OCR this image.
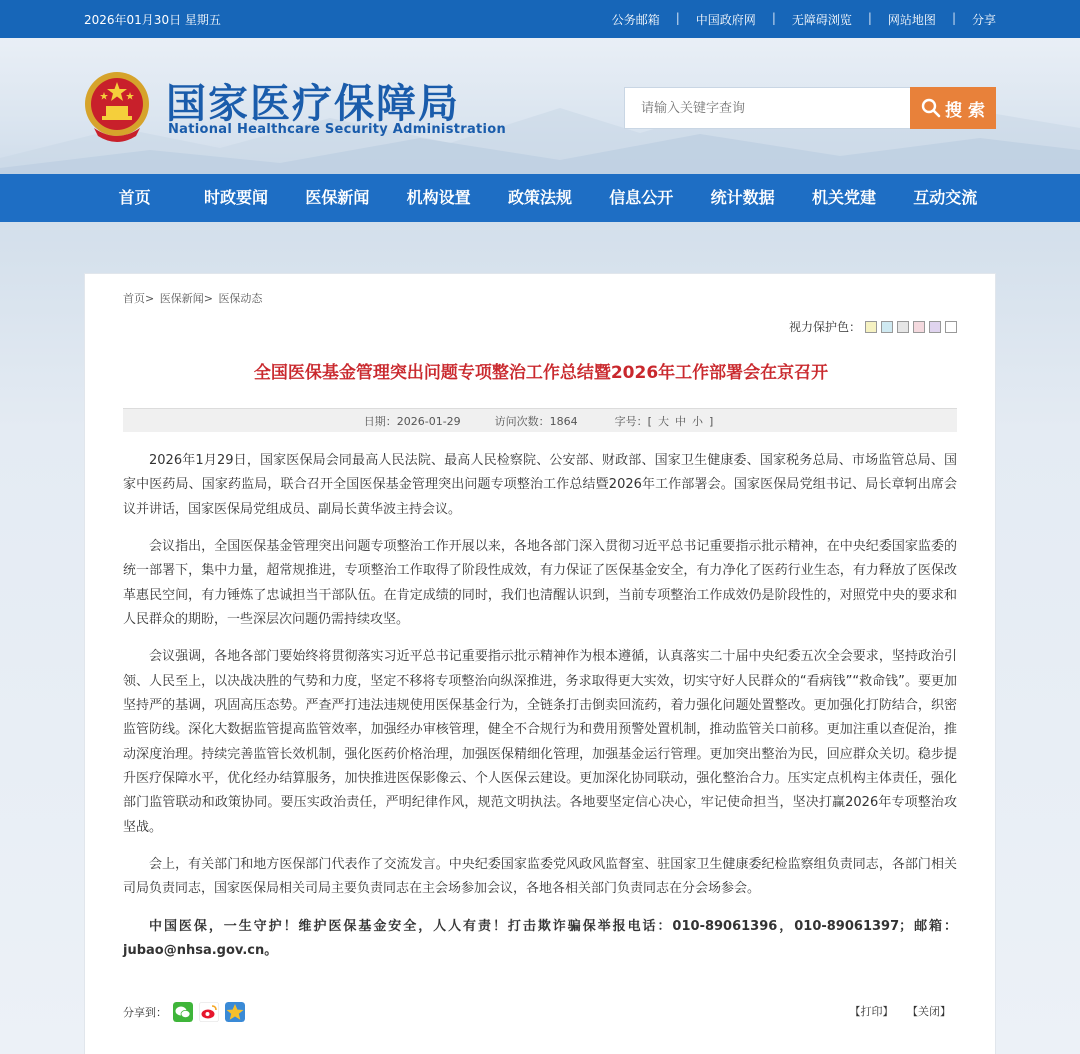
2026年01月30日 星期五	公务邮箱 | 中国政府网 | 无障碍浏览 | 网站地图 | 分享
国家医疗保障局
National Healthcare Security Administration
请输入关键字查询
搜 索
首页	时政要闻	医保新闻	机构设置	政策法规	信息公开	统计数据	机关党建	互动交流
首页> 医保新闻> 医保动态
视力保护色：
全国医保基金管理突出问题专项整治工作总结暨2026年工作部署会在京召开
日期：2026-01-29	访问次数：1864	字号：[ 大 中 小 ]

2026年1月29日，国家医保局会同最高人民法院、最高人民检察院、公安部、财政部、国家卫生健康委、国家税务总局、市场监管总局、国家中医药局、国家药监局，联合召开全国医保基金管理突出问题专项整治工作总结暨2026年工作部署会。国家医保局党组书记、局长章轲出席会议并讲话，国家医保局党组成员、副局长黄华波主持会议。

会议指出，全国医保基金管理突出问题专项整治工作开展以来，各地各部门深入贯彻习近平总书记重要指示批示精神，在中央纪委国家监委的统一部署下，集中力量，超常规推进，专项整治工作取得了阶段性成效，有力保证了医保基金安全，有力净化了医药行业生态，有力释放了医保改革惠民空间，有力锤炼了忠诚担当干部队伍。在肯定成绩的同时，我们也清醒认识到，当前专项整治工作成效仍是阶段性的，对照党中央的要求和人民群众的期盼，一些深层次问题仍需持续攻坚。

会议强调，各地各部门要始终将贯彻落实习近平总书记重要指示批示精神作为根本遵循，认真落实二十届中央纪委五次全会要求，坚持政治引领、人民至上，以决战决胜的气势和力度，坚定不移将专项整治向纵深推进，务求取得更大实效，切实守好人民群众的“看病钱”“救命钱”。要更加坚持严的基调，巩固高压态势。严查严打违法违规使用医保基金行为，全链条打击倒卖回流药，着力强化问题处置整改。更加强化打防结合，织密监管防线。深化大数据监管提高监管效率，加强经办审核管理，健全不合规行为和费用预警处置机制，推动监管关口前移。更加注重以查促治，推动深度治理。持续完善监管长效机制，强化医药价格治理，加强医保精细化管理，加强基金运行管理。更加突出整治为民，回应群众关切。稳步提升医疗保障水平，优化经办结算服务，加快推进医保影像云、个人医保云建设。更加深化协同联动，强化整治合力。压实定点机构主体责任，强化部门监管联动和政策协同。要压实政治责任，严明纪律作风，规范文明执法。各地要坚定信心决心，牢记使命担当，坚决打赢2026年专项整治攻坚战。

会上，有关部门和地方医保部门代表作了交流发言。中央纪委国家监委党风政风监督室、驻国家卫生健康委纪检监察组负责同志，各部门相关司局负责同志，国家医保局相关司局主要负责同志在主会场参加会议，各地各相关部门负责同志在分会场参会。

中国医保，一生守护！维护医保基金安全，人人有责！打击欺诈骗保举报电话：010-89061396，010-89061397；邮箱：jubao@nhsa.gov.cn。

分享到：	【打印】 【关闭】
